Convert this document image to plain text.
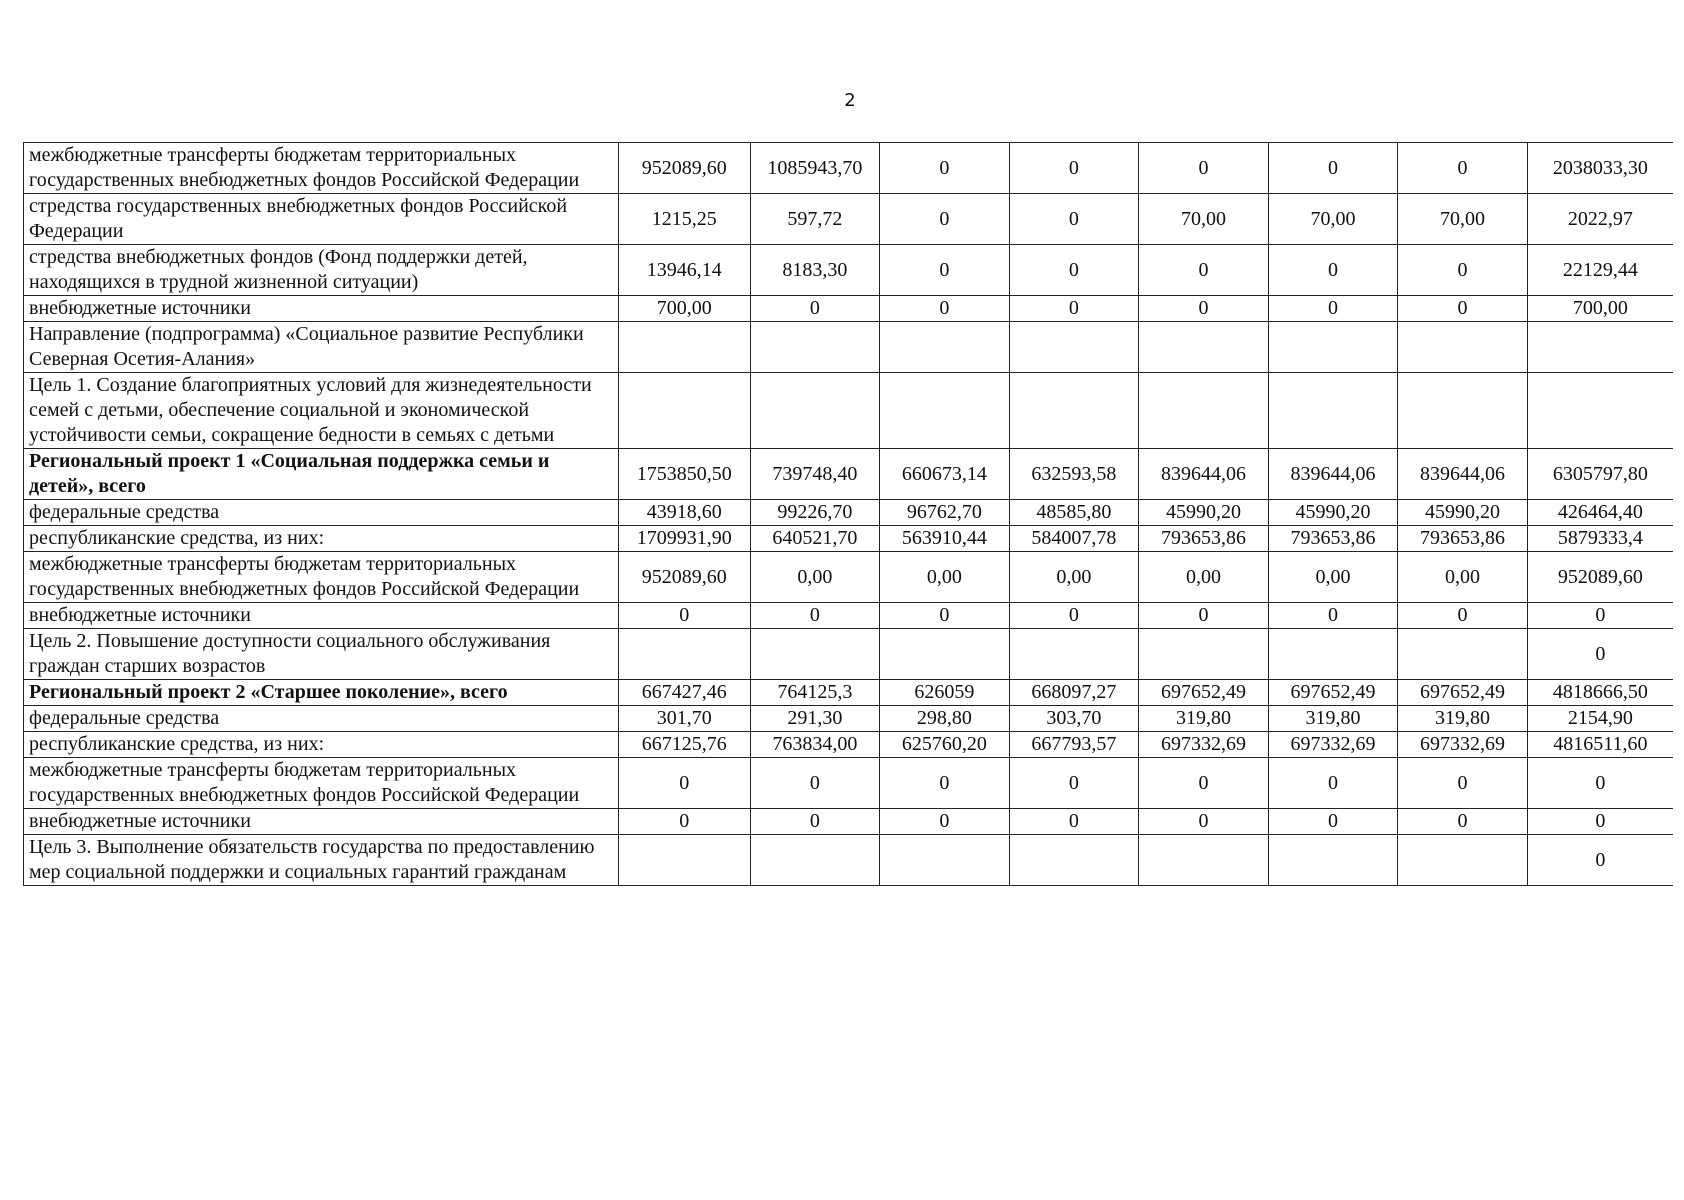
2
межбюджетные трансферты бюджетам территориальных государственных внебюджетных фондов Российской Федерации	952089,60	1085943,70	0	0	0	0	0	2038033,30
стредства государственных внебюджетных фондов Российской Федерации	1215,25	597,72	0	0	70,00	70,00	70,00	2022,97
стредства внебюджетных фондов (Фонд поддержки детей, находящихся в трудной жизненной ситуации)	13946,14	8183,30	0	0	0	0	0	22129,44
внебюджетные источники	700,00	0	0	0	0	0	0	700,00
Направление (подпрограмма) «Социальное развитие Республики Северная Осетия-Алания»								
Цель 1. Создание благоприятных условий для жизнедеятельности семей с детьми, обеспечение социальной и экономической устойчивости семьи, сокращение бедности в семьях с детьми								
Региональный проект 1 «Социальная поддержка семьи и детей», всего	1753850,50	739748,40	660673,14	632593,58	839644,06	839644,06	839644,06	6305797,80
федеральные средства	43918,60	99226,70	96762,70	48585,80	45990,20	45990,20	45990,20	426464,40
республиканские средства, из них:	1709931,90	640521,70	563910,44	584007,78	793653,86	793653,86	793653,86	5879333,4
межбюджетные трансферты бюджетам территориальных государственных внебюджетных фондов Российской Федерации	952089,60	0,00	0,00	0,00	0,00	0,00	0,00	952089,60
внебюджетные источники	0	0	0	0	0	0	0	0
Цель 2. Повышение доступности социального обслуживания граждан старших возрастов								0
Региональный проект 2 «Старшее поколение», всего	667427,46	764125,3	626059	668097,27	697652,49	697652,49	697652,49	4818666,50
федеральные средства	301,70	291,30	298,80	303,70	319,80	319,80	319,80	2154,90
республиканские средства, из них:	667125,76	763834,00	625760,20	667793,57	697332,69	697332,69	697332,69	4816511,60
межбюджетные трансферты бюджетам территориальных государственных внебюджетных фондов Российской Федерации	0	0	0	0	0	0	0	0
внебюджетные источники	0	0	0	0	0	0	0	0
Цель 3. Выполнение обязательств государства по предоставлению мер социальной поддержки и социальных гарантий гражданам								0
